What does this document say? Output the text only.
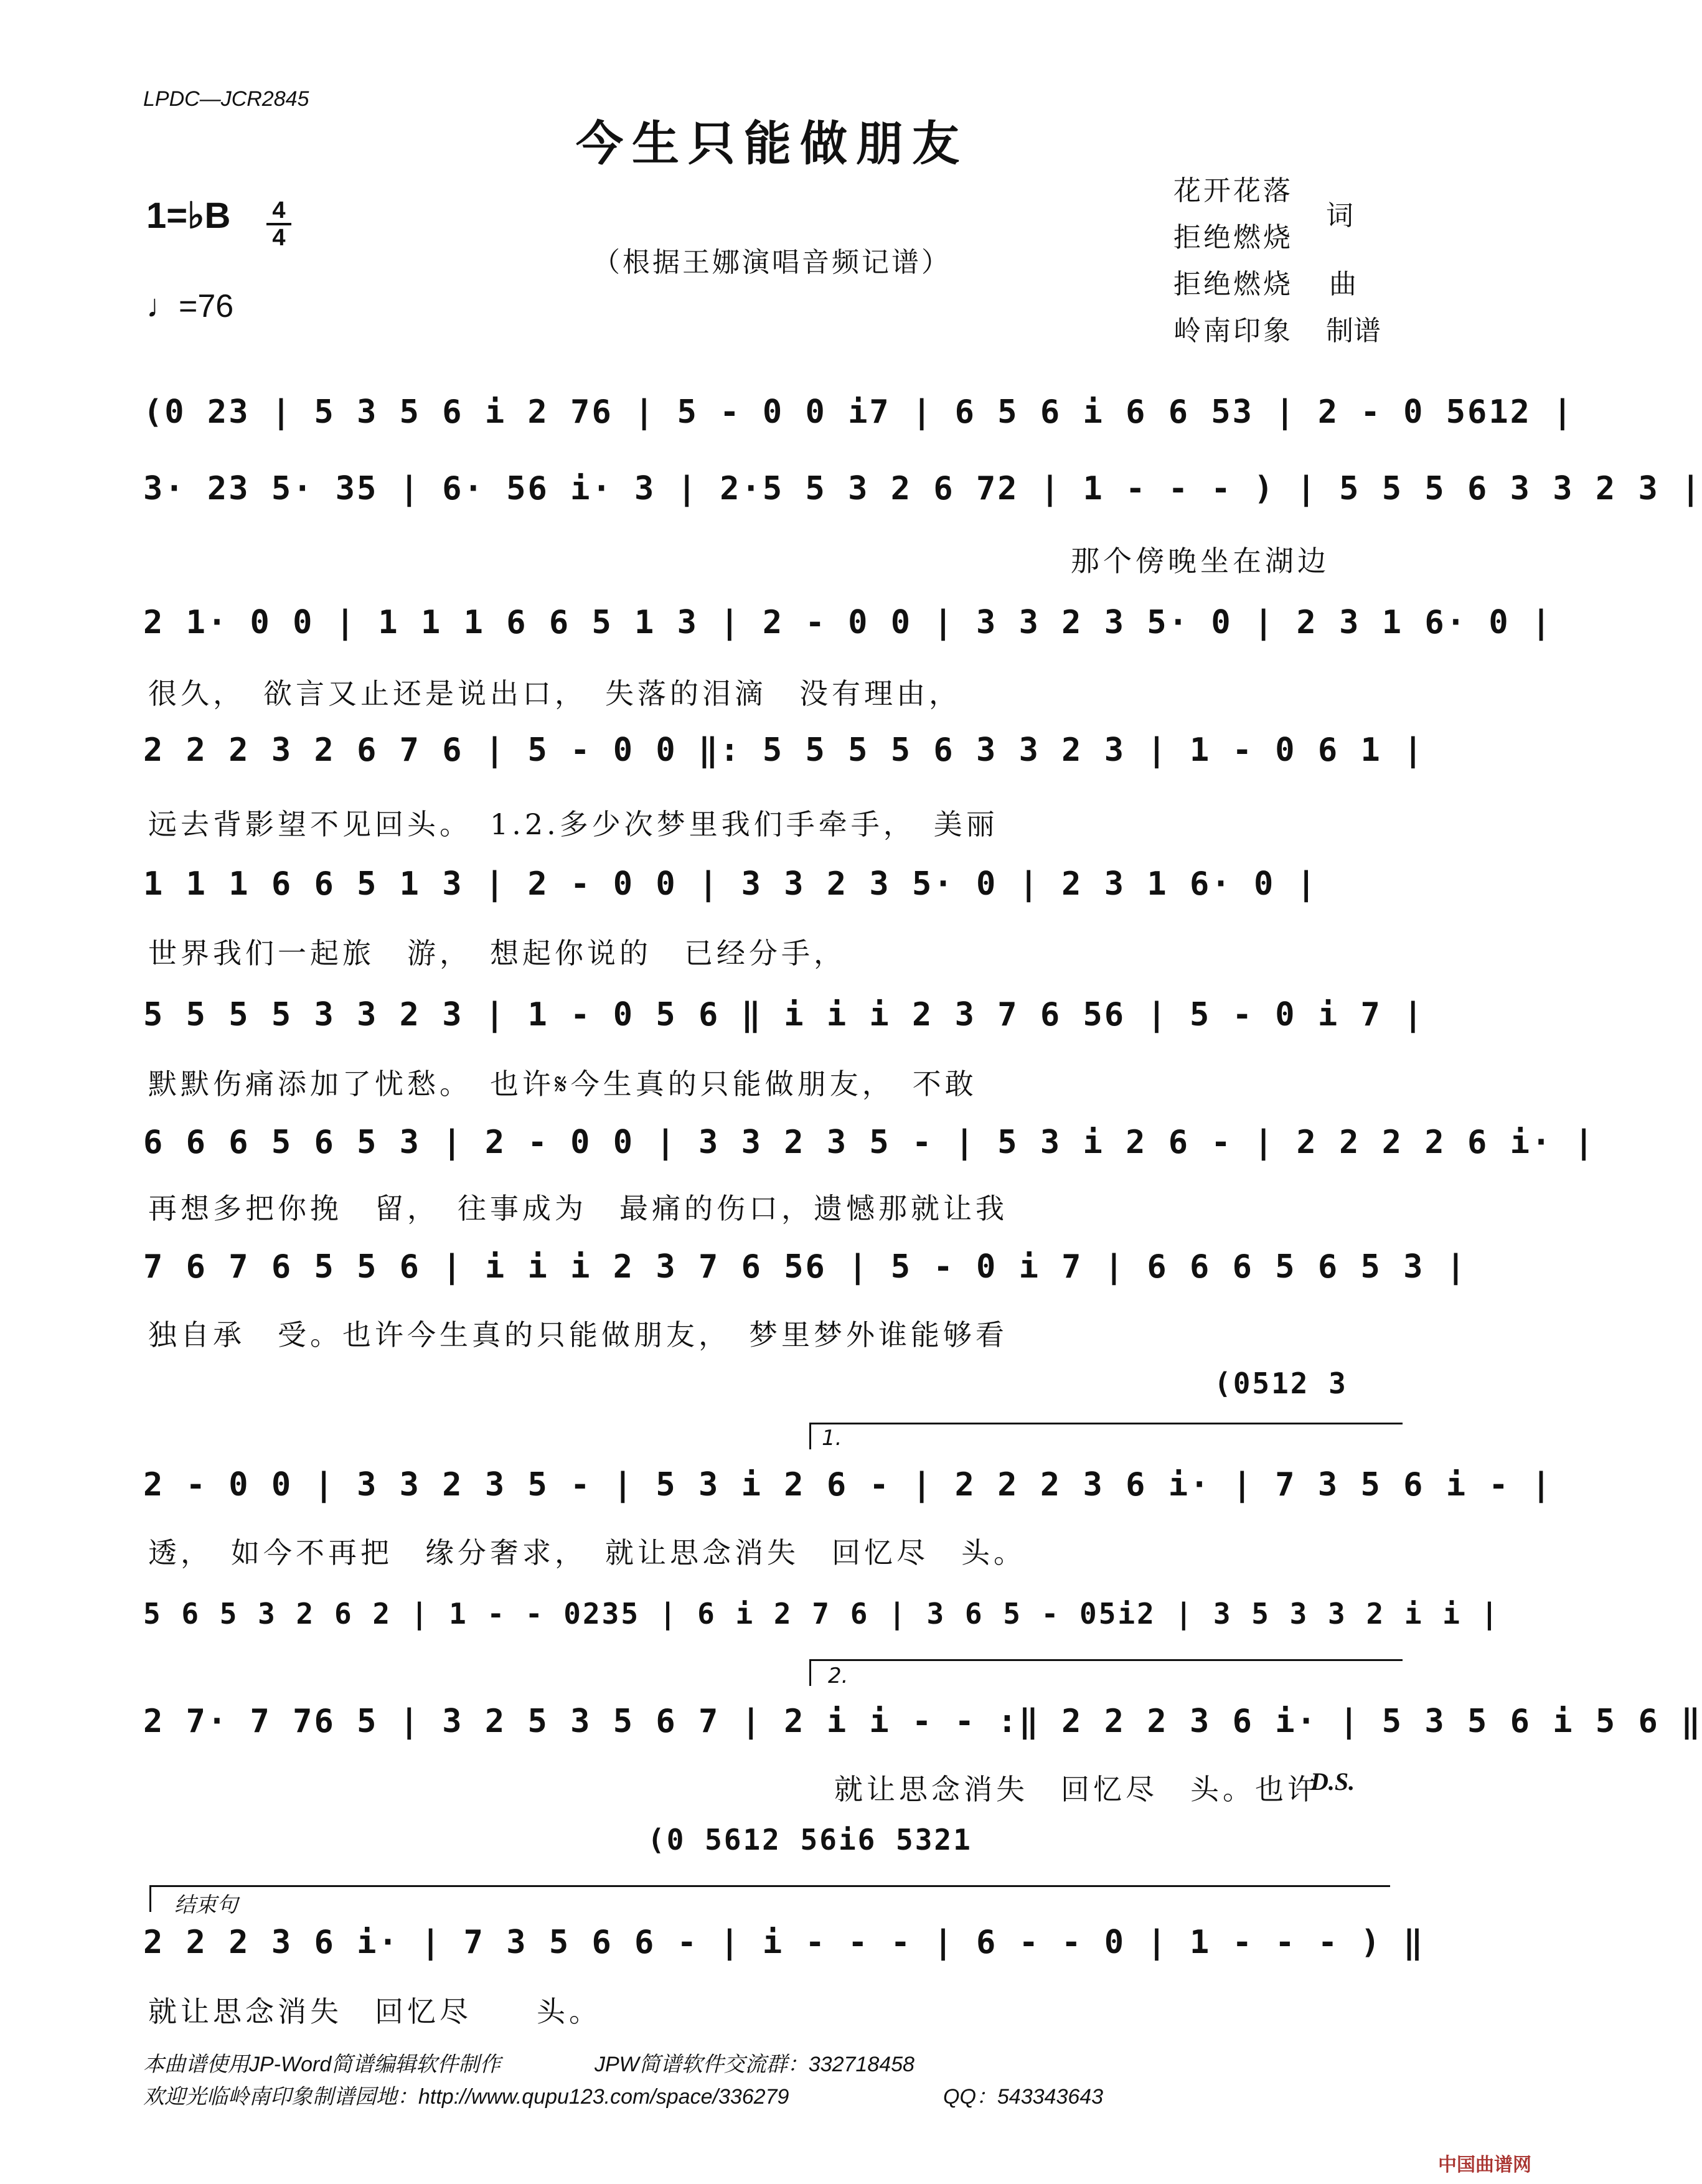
LPDC—JCR2845
今生只能做朋友
（根据王娜演唱音频记谱）
1=♭B 4
4
♩=76
花开花落
拒绝燃烧
词
拒绝燃烧 曲
岭南印象 制谱
(0 23 | 5 3 5 6 i 2 76 | 5 - 0 0 i7 | 6 5 6 i 6 6 53 | 2 - 0 5612 |
3· 23 5· 35 | 6· 56 i· 3 | 2·5 5 3 2 6 72 | 1 - - - ) | 5 5 5 6 3 3 2 3 |
那个傍晚坐在湖边
2 1· 0 0 | 1 1 1 6 6 5 1 3 | 2 - 0 0 | 3 3 2 3 5· 0 | 2 3 1 6· 0 |
很久，　欲言又止还是说出口，　失落的泪滴　没有理由，
2 2 2 3 2 6 7 6 | 5 - 0 0 ‖: 5 5 5 5 6 3 3 2 3 | 1 - 0 6 1 |
远去背影望不见回头。　1.2.多少次梦里我们手牵手，　美丽
1 1 1 6 6 5 1 3 | 2 - 0 0 | 3 3 2 3 5· 0 | 2 3 1 6· 0 |
世界我们一起旅　游，　想起你说的　已经分手，
5 5 5 5 3 3 2 3 | 1 - 0 5 6 ‖ i i i 2 3 7 6 56 | 5 - 0 i 7 |
默默伤痛添加了忧愁。　也许𝄋今生真的只能做朋友，　不敢
6 6 6 5 6 5 3 | 2 - 0 0 | 3 3 2 3 5 - | 5 3 i 2 6 - | 2 2 2 2 6 i· |
再想多把你挽　留，　往事成为　最痛的伤口，遗憾那就让我
7 6 7 6 5 5 6 | i i i 2 3 7 6 56 | 5 - 0 i 7 | 6 6 6 5 6 5 3 |
独自承　受。也许今生真的只能做朋友，　梦里梦外谁能够看
(0512 3
1.
2 - 0 0 | 3 3 2 3 5 - | 5 3 i 2 6 - | 2 2 2 3 6 i· | 7 3 5 6 i - |
透，　如今不再把　缘分奢求，　就让思念消失　回忆尽　头。
5 6 5 3 2 6 2 | 1 - - 0235 | 6 i 2 7 6 | 3 6 5 - 05i2 | 3 5 3 3 2 i i |
2.
2 7· 7 76 5 | 3 2 5 3 5 6 7 | 2 i i - - :‖ 2 2 2 3 6 i· | 5 3 5 6 i 5 6 ‖
就让思念消失　回忆尽　头。也许
D.S.
(0 5612 56i6 5321
结束句
2 2 2 3 6 i· | 7 3 5 6 6 - | i - - - | 6 - - 0 | 1 - - - ) ‖
就让思念消失　回忆尽　　头。
本曲谱使用JP-Word简谱编辑软件制作	JPW简谱软件交流群：332718458
欢迎光临岭南印象制谱园地：http://www.qupu123.com/space/336279	QQ：543343643
中国曲谱网
